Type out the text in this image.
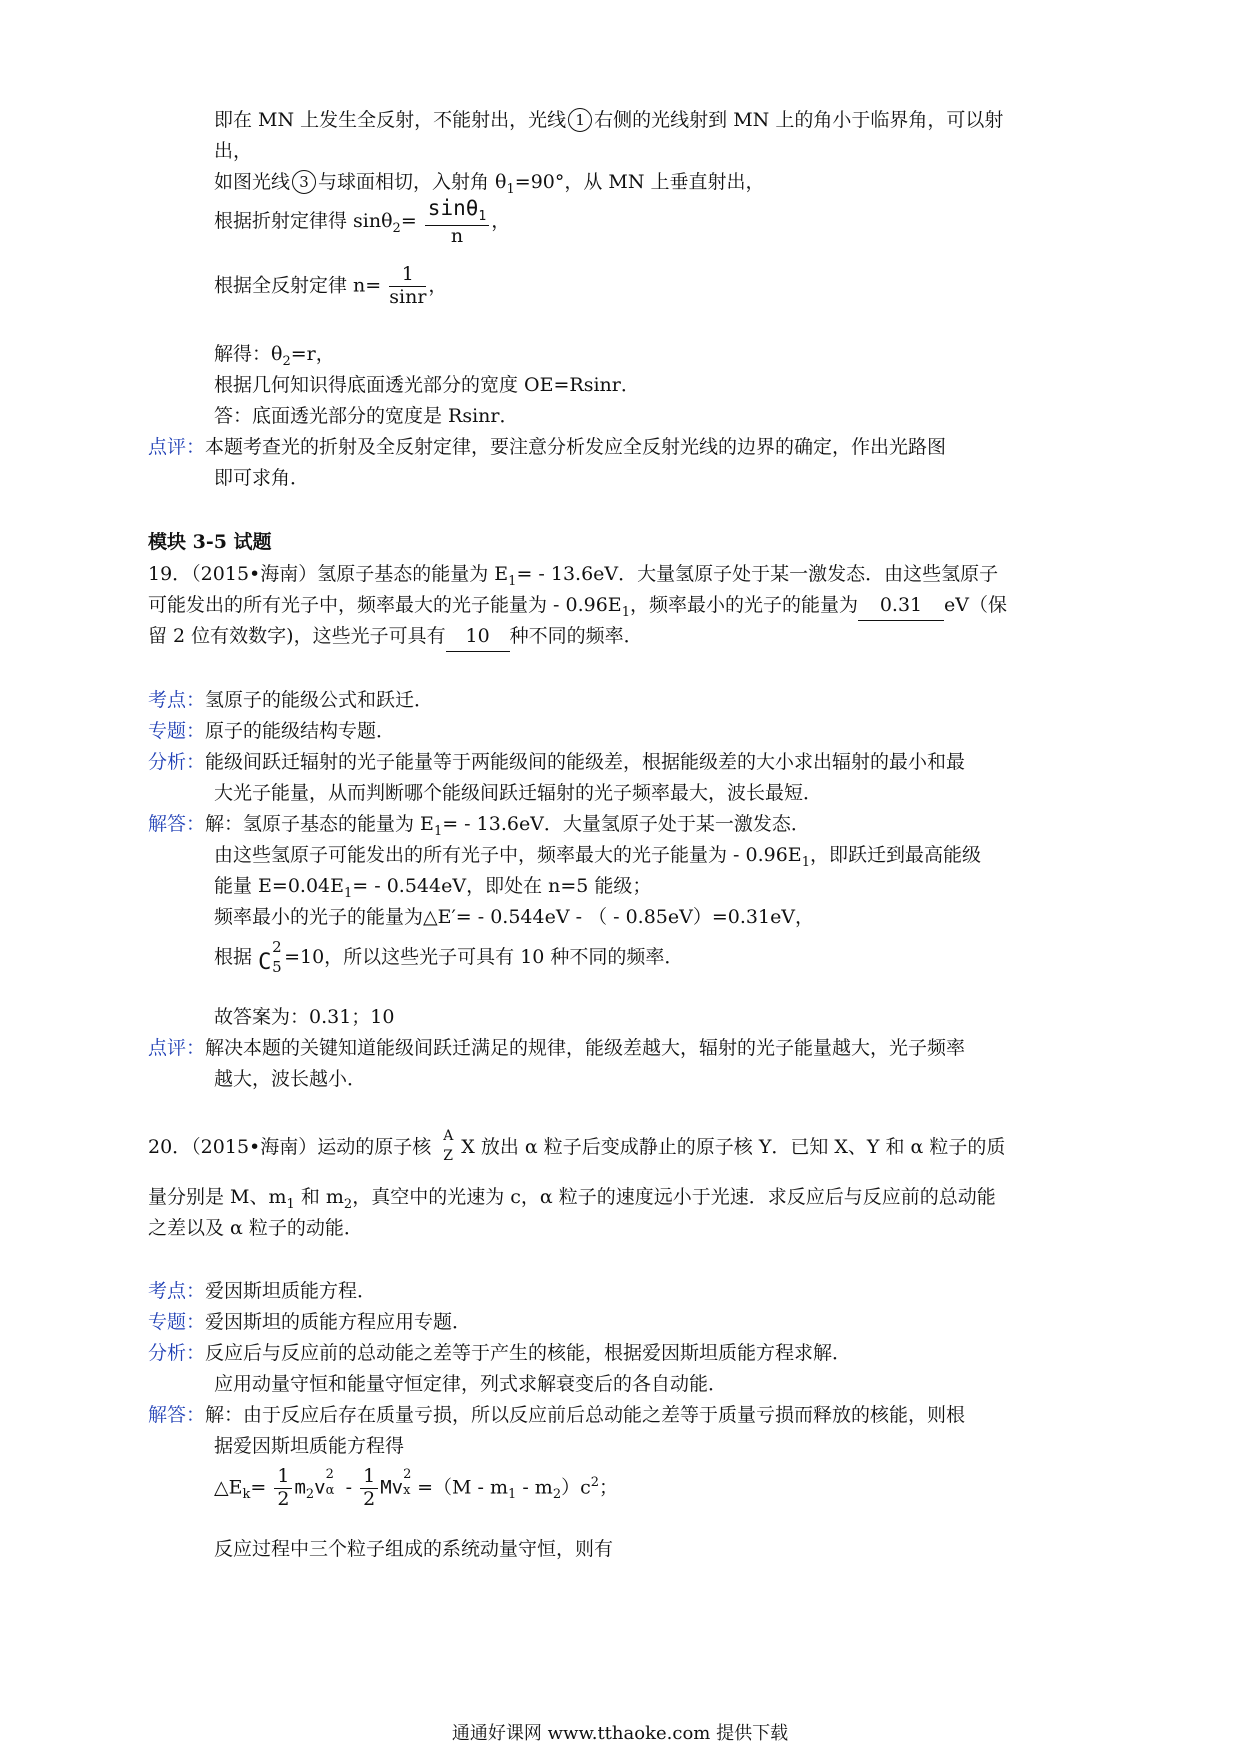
即在 MN 上发生全反射，不能射出，光线 1 右侧的光线射到 MN 上的角小于临界角，可以射
出，
如图光线 3 与球面相切，入射角 $\theta_1=90^\circ$，从 MN 上垂直射出，
根据折射定律得 $\sin\theta_2= \frac{\sin\theta_1}{n}$ ，
根据全反射定律 $n= \frac{1}{\sin r}$ ，
解得：$\theta_2=r$，
根据几何知识得底面透光部分的宽度 OE=Rsinr．
答：底面透光部分的宽度是 Rsinr．
点评：本题考查光的折射及全反射定律，要注意分析发应全反射光线的边界的确定，作出光路图
即可求角．
模块 3-5 试题
19．（2015•海南）氢原子基态的能量为 $E_1= - 13.6eV$．大量氢原子处于某一激发态．由这些氢原子
可能发出的所有光子中，频率最大的光子能量为 - $0.96E_1$，频率最小的光子的能量为 0.31 eV（保
留 2 位有效数字)，这些光子可具有 10 种不同的频率．
考点：氢原子的能级公式和跃迁．
专题：原子的能级结构专题．
分析：能级间跃迁辐射的光子能量等于两能级间的能级差，根据能级差的大小求出辐射的最小和最
大光子能量，从而判断哪个能级间跃迁辐射的光子频率最大，波长最短．
解答：解：氢原子基态的能量为 $E_1= - 13.6eV$．大量氢原子处于某一激发态．
由这些氢原子可能发出的所有光子中，频率最大的光子能量为 - $0.96E_1$，即跃迁到最高能级
能量 $E=0.04E_1= - 0.544eV$，即处在 n=5 能级；
频率最小的光子的能量为△E′= - 0.544eV - （ - 0.85eV）=0.31eV，
根据 C
2
5 =10，所以这些光子可具有 10 种不同的频率．
故答案为：0.31；10
点评：解决本题的关键知道能级间跃迁满足的规律，能级差越大，辐射的光子能量越大，光子频率
越大，波长越小．
20．（2015•海南）运动的原子核 A
Z X 放出 α 粒子后变成静止的原子核 Y．已知 X、Y 和 α 粒子的质
量分别是 M、$m_1$ 和 $m_2$，真空中的光速为 c，α 粒子的速度远小于光速．求反应后与反应前的总动能
之差以及 α 粒子的动能．
考点：爱因斯坦质能方程．
专题：爱因斯坦的质能方程应用专题．
分析：反应后与反应前的总动能之差等于产生的核能，根据爱因斯坦质能方程求解．
应用动量守恒和能量守恒定律，列式求解衰变后的各自动能．
解答：解：由于反应后存在质量亏损，所以反应前后总动能之差等于质量亏损而释放的核能，则根
据爱因斯坦质能方程得
$\triangle E_k= \frac{1}{2} m_2v$
2
α - $\frac{1}{2}$ Mv
2
$x =(M - m_1 - m_2)c^2$；
反应过程中三个粒子组成的系统动量守恒，则有
通通好课网 www.tthaoke.com 提供下载
